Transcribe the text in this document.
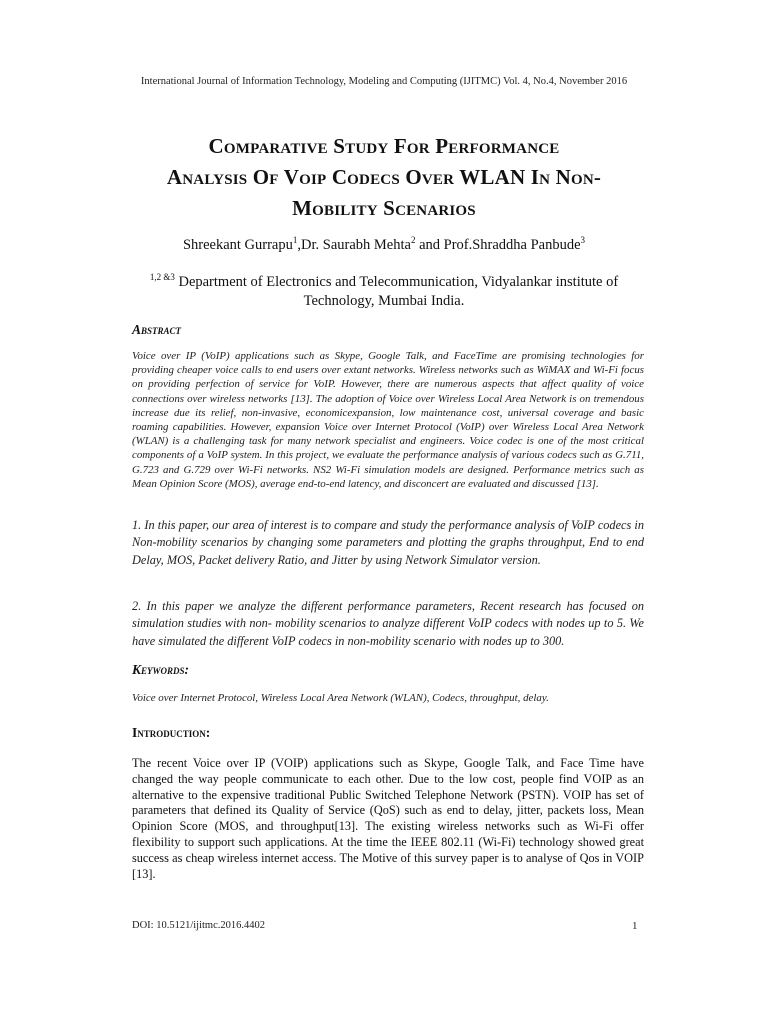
International Journal of Information Technology, Modeling and Computing (IJITMC) Vol. 4, No.4, November 2016
Comparative Study For Performance
Analysis Of Voip Codecs Over WLAN In Non-
Mobility Scenarios
Shreekant Gurrapu$^1$,Dr. Saurabh Mehta$^2$ and Prof.Shraddha Panbude$^3$
$^{1,2 \&3}$ Department of Electronics and Telecommunication, Vidyalankar institute of Technology, Mumbai India.
Abstract
Voice over IP (VoIP) applications such as Skype, Google Talk, and FaceTime are promising technologies for providing cheaper voice calls to end users over extant networks. Wireless networks such as WiMAX and Wi-Fi focus on providing perfection of service for VoIP. However, there are numerous aspects that affect quality of voice connections over wireless networks [13]. The adoption of Voice over Wireless Local Area Network is on tremendous increase due its relief, non-invasive, economicexpansion, low maintenance cost, universal coverage and basic roaming capabilities. However, expansion Voice over Internet Protocol (VoIP) over Wireless Local Area Network (WLAN) is a challenging task for many network specialist and engineers. Voice codec is one of the most critical components of a VoIP system. In this project, we evaluate the performance analysis of various codecs such as G.711, G.723 and G.729 over Wi-Fi networks. NS2 Wi-Fi simulation models are designed. Performance metrics such as Mean Opinion Score (MOS), average end-to-end latency, and disconcert are evaluated and discussed [13].
1. In this paper, our area of interest is to compare and study the performance analysis of VoIP codecs in Non-mobility scenarios by changing some parameters and plotting the graphs throughput, End to end Delay, MOS, Packet delivery Ratio, and Jitter by using Network Simulator version.
2. In this paper we analyze the different performance parameters, Recent research has focused on simulation studies with non- mobility scenarios to analyze different VoIP codecs with nodes up to 5. We have simulated the different VoIP codecs in non-mobility scenario with nodes up to 300.
Keywords:
Voice over Internet Protocol, Wireless Local Area Network (WLAN), Codecs, throughput, delay.
Introduction:
The recent Voice over IP (VOIP) applications such as Skype, Google Talk, and Face Time have changed the way people communicate to each other. Due to the low cost, people find VOIP as an alternative to the expensive traditional Public Switched Telephone Network (PSTN). VOIP has set of parameters that defined its Quality of Service (QoS) such as end to delay, jitter, packets loss, Mean Opinion Score (MOS, and throughput[13]. The existing wireless networks such as Wi-Fi offer flexibility to support such applications. At the time the IEEE 802.11 (Wi-Fi) technology showed great success as cheap wireless internet access. The Motive of this survey paper is to analyse of Qos in VOIP [13].
DOI: 10.5121/ijitmc.2016.4402	1
